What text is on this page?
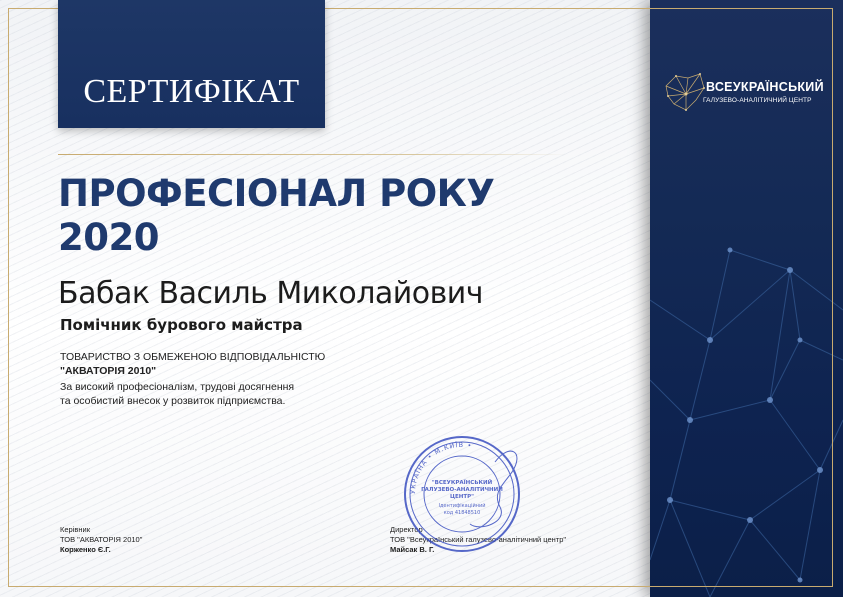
СЕРТИФІКАТ
ПРОФЕСІОНАЛ РОКУ
2020
Бабак Василь Миколайович
Помічник бурового майстра
ТОВАРИСТВО З ОБМЕЖЕНОЮ ВІДПОВІДАЛЬНІСТЮ
"АКВАТОРІЯ 2010"
За високий професіоналізм, трудові досягнення
та особистий внесок у розвиток підприємства.
Керівник
ТОВ "АКВАТОРІЯ 2010"
Корженко Є.Г.
Директор
ТОВ "Всеукраїнський галузево-аналітичний центр"
Майсак В. Г.
УКРАЇНА • М.КИЇВ •
"ВСЕУКРАЇНСЬКИЙ
ГАЛУЗЕВО-АНАЛІТИЧНИЙ
ЦЕНТР"
Ідентифікаційний
код 41848510
ВСЕУКРАЇНСЬКИЙ
ГАЛУЗЕВО-АНАЛІТИЧНИЙ ЦЕНТР
